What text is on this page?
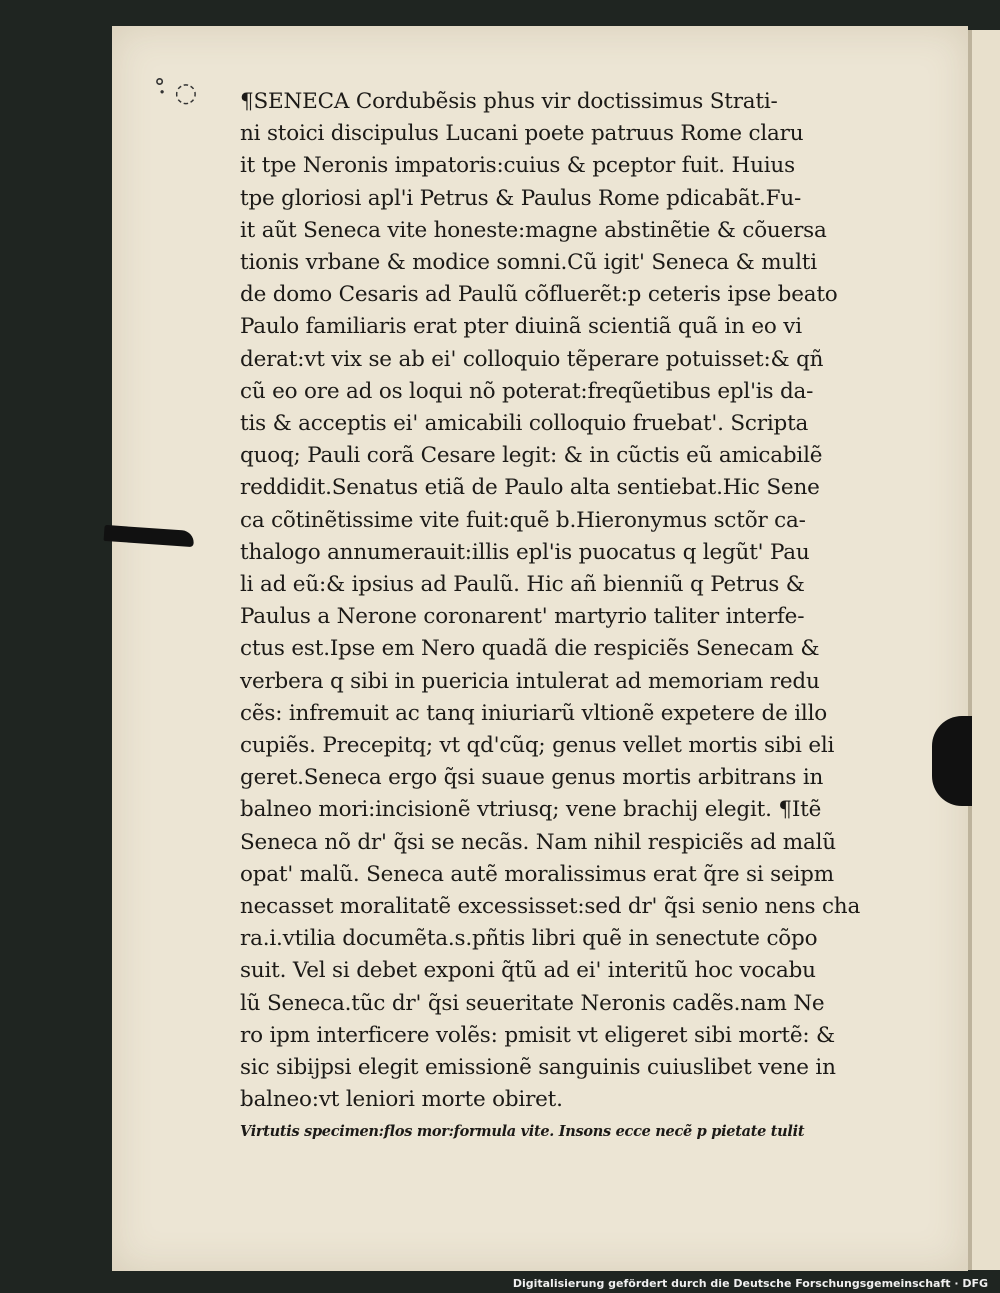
·̊ ◌ ¶SENECA Cordubẽsis phus vir doctissimus Strati-
ni stoici discipulus Lucani poete patruus Rome claru
it tpe Neronis impatoris:cuius & pceptor fuit. Huius
tpe gloriosi apl'i Petrus & Paulus Rome pdicabãt.Fu-
it aũt Seneca vite honeste:magne abstinẽtie & cõuersa
tionis vrbane & modice somni.Cũ igit' Seneca & multi
de domo Cesaris ad Paulũ cõfluerẽt:p ceteris ipse beato
Paulo familiaris erat pter diuinã scientiã quã in eo vi
derat:vt vix se ab ei' colloquio tẽperare potuisset:& qñ
cũ eo ore ad os loqui nõ poterat:freqũetibus epl'is da-
tis & acceptis ei' amicabili colloquio fruebat'. Scripta
quoq; Pauli corã Cesare legit: & in cũctis eũ amicabilẽ
reddidit.Senatus etiã de Paulo alta sentiebat.Hic Sene
ca cõtinẽtissime vite fuit:quẽ b.Hieronymus sctõr ca-
thalogo annumerauit:illis epl'is puocatus q legũt' Pau
li ad eũ:& ipsius ad Paulũ. Hic añ bienniũ q Petrus &
Paulus a Nerone coronarent' martyrio taliter interfe-
ctus est.Ipse em Nero quadã die respiciẽs Senecam &
verbera q sibi in puericia intulerat ad memoriam redu
cẽs: infremuit ac tanq iniuriarũ vltionẽ expetere de illo
cupiẽs. Precepitq; vt qd'cũq; genus vellet mortis sibi eli
geret.Seneca ergo q̃si suaue genus mortis arbitrans in
balneo mori:incisionẽ vtriusq; vene brachij elegit. ¶Itẽ
Seneca nõ dr' q̃si se necãs. Nam nihil respiciẽs ad malũ
opat' malũ. Seneca autẽ moralissimus erat q̃re si seipm
necasset moralitatẽ excessisset:sed dr' q̃si senio nens cha
ra.i.vtilia documẽta.s.pñtis libri quẽ in senectute cõpo
suit. Vel si debet exponi q̃tũ ad ei' interitũ hoc vocabu
lũ Seneca.tũc dr' q̃si seueritate Neronis cadẽs.nam Ne
ro ipm interficere volẽs: pmisit vt eligeret sibi mortẽ: &
sic sibijpsi elegit emissionẽ sanguinis cuiuslibet vene in
balneo:vt leniori morte obiret.
Virtutis specimen:flos mor:formula vite. Insons ecce necẽ p pietate tulit
Digitalisierung gefördert durch die Deutsche Forschungsgemeinschaft · DFG
